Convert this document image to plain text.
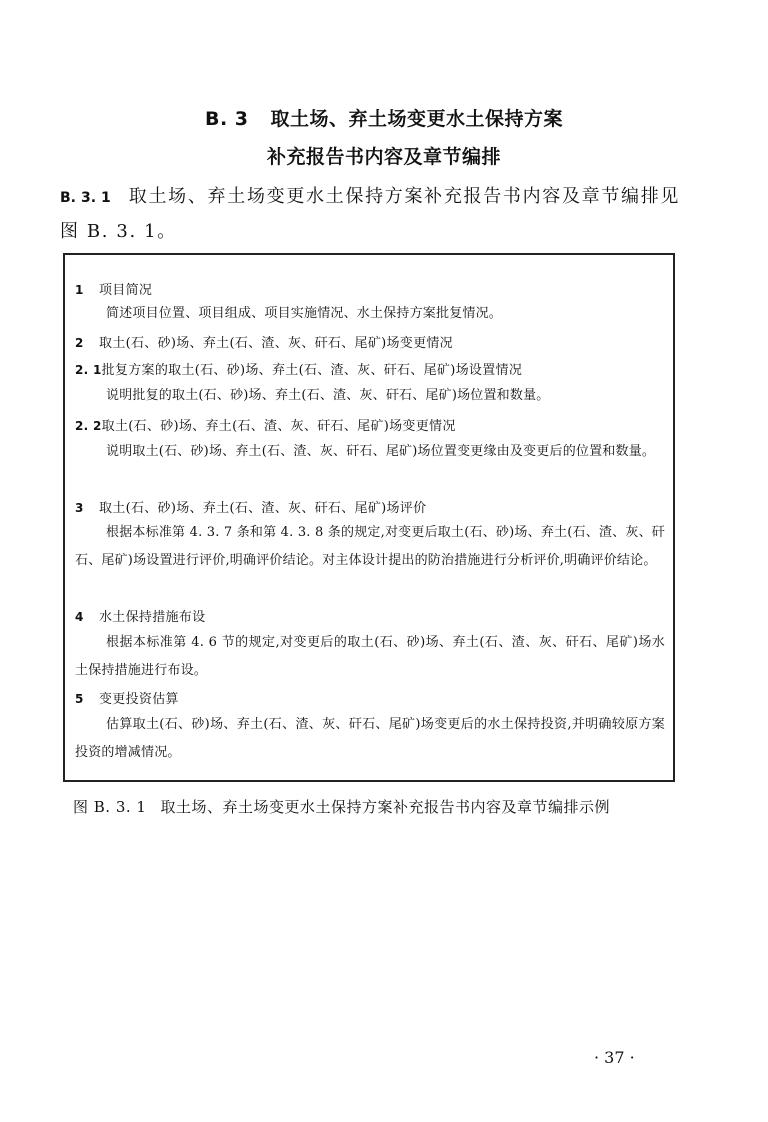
B. 3 取土场、弃土场变更水土保持方案
补充报告书内容及章节编排
B. 3. 1 取土场、弃土场变更水土保持方案补充报告书内容及章节编排见图 B. 3. 1。
1 项目简况
简述项目位置、项目组成、项目实施情况、水土保持方案批复情况。
2 取土(石、砂)场、弃土(石、渣、灰、矸石、尾矿)场变更情况
2. 1批复方案的取土(石、砂)场、弃土(石、渣、灰、矸石、尾矿)场设置情况
说明批复的取土(石、砂)场、弃土(石、渣、灰、矸石、尾矿)场位置和数量。
2. 2取土(石、砂)场、弃土(石、渣、灰、矸石、尾矿)场变更情况
说明取土(石、砂)场、弃土(石、渣、灰、矸石、尾矿)场位置变更缘由及变更后的位置和数量。
3 取土(石、砂)场、弃土(石、渣、灰、矸石、尾矿)场评价
根据本标准第 4. 3. 7 条和第 4. 3. 8 条的规定,对变更后取土(石、砂)场、弃土(石、渣、灰、矸石、尾矿)场设置进行评价,明确评价结论。对主体设计提出的防治措施进行分析评价,明确评价结论。
4 水土保持措施布设
根据本标准第 4. 6 节的规定,对变更后的取土(石、砂)场、弃土(石、渣、灰、矸石、尾矿)场水土保持措施进行布设。
5 变更投资估算
估算取土(石、砂)场、弃土(石、渣、灰、矸石、尾矿)场变更后的水土保持投资,并明确较原方案投资的增减情况。
图 B. 3. 1 取土场、弃土场变更水土保持方案补充报告书内容及章节编排示例
· 37 ·
